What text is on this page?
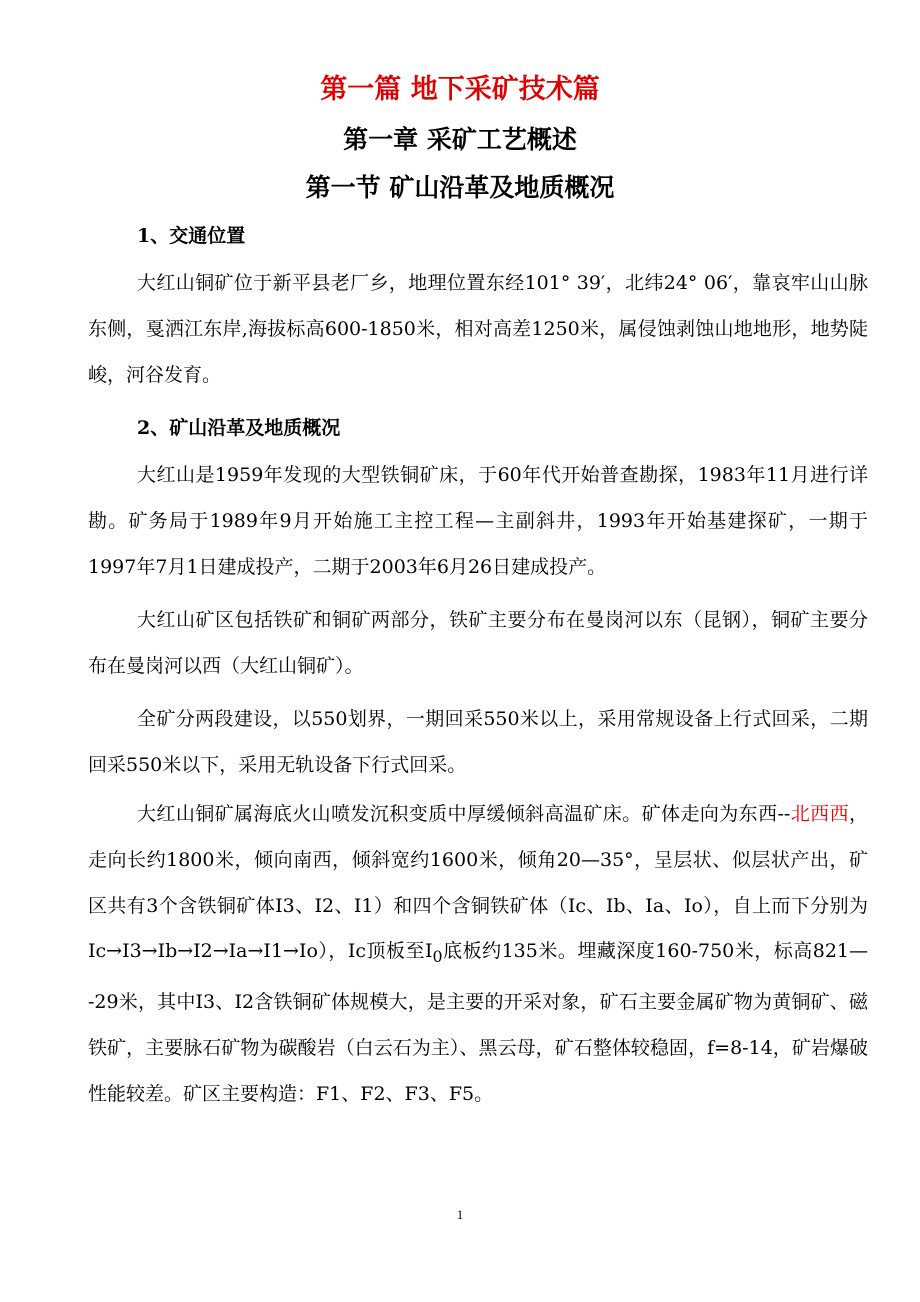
第一篇 地下采矿技术篇
第一章 采矿工艺概述
第一节 矿山沿革及地质概况
1、交通位置
大红山铜矿位于新平县老厂乡，地理位置东经101° 39′，北纬24° 06′，靠哀牢山山脉东侧，戛洒江东岸,海拔标高600-1850米，相对高差1250米，属侵蚀剥蚀山地地形，地势陡峻，河谷发育。
2、矿山沿革及地质概况
大红山是1959年发现的大型铁铜矿床，于60年代开始普查勘探，1983年11月进行详勘。矿务局于1989年9月开始施工主控工程—主副斜井，1993年开始基建探矿，一期于1997年7月1日建成投产，二期于2003年6月26日建成投产。
大红山矿区包括铁矿和铜矿两部分，铁矿主要分布在曼岗河以东（昆钢），铜矿主要分布在曼岗河以西（大红山铜矿）。
全矿分两段建设，以550划界，一期回采550米以上，采用常规设备上行式回采，二期回采550米以下，采用无轨设备下行式回采。
大红山铜矿属海底火山喷发沉积变质中厚缓倾斜高温矿床。矿体走向为东西--北西西，走向长约1800米，倾向南西，倾斜宽约1600米，倾角20—35°，呈层状、似层状产出，矿区共有3个含铁铜矿体I3、I2、I1）和四个含铜铁矿体（Ic、Ib、Ia、Io），自上而下分别为Ic→I3→Ib→I2→Ia→I1→Io），Ic顶板至$I_0$底板约135米。埋藏深度160-750米，标高821— -29米，其中I3、I2含铁铜矿体规模大，是主要的开采对象，矿石主要金属矿物为黄铜矿、磁铁矿，主要脉石矿物为碳酸岩（白云石为主）、黑云母，矿石整体较稳固，f=8-14，矿岩爆破性能较差。矿区主要构造：F1、F2、F3、F5。
1
